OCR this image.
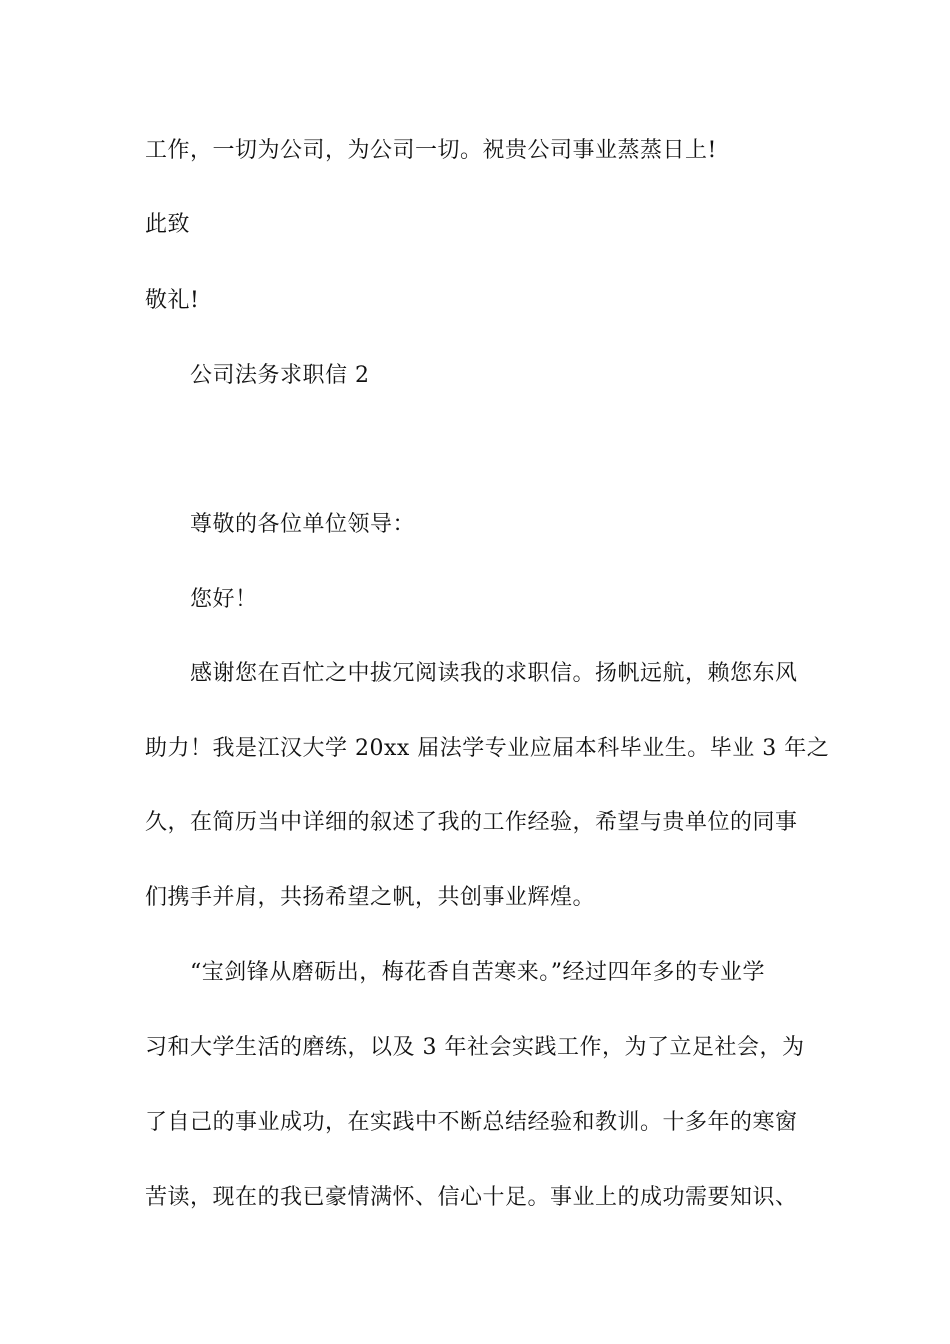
工作，一切为公司，为公司一切。祝贵公司事业蒸蒸日上!
此致
敬礼!
公司法务求职信 2
尊敬的各位单位领导：
您好！
感谢您在百忙之中拔冗阅读我的求职信。扬帆远航，赖您东风
助力！我是江汉大学 20xx 届法学专业应届本科毕业生。毕业 3 年之
久，在简历当中详细的叙述了我的工作经验，希望与贵单位的同事
们携手并肩，共扬希望之帆，共创事业辉煌。
“宝剑锋从磨砺出，梅花香自苦寒来。”经过四年多的专业学
习和大学生活的磨练，以及 3 年社会实践工作，为了立足社会，为
了自己的事业成功，在实践中不断总结经验和教训。十多年的寒窗
苦读，现在的我已豪情满怀、信心十足。事业上的成功需要知识、
